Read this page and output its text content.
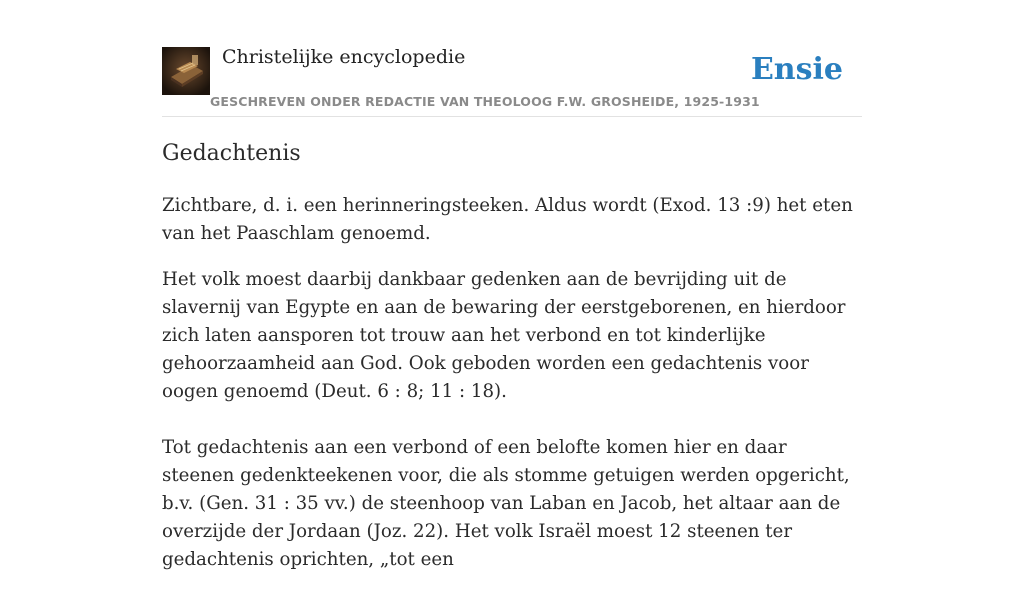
Christelijke encyclopedie
GESCHREVEN ONDER REDACTIE VAN THEOLOOG F.W. GROSHEIDE, 1925-1931
Ensie
Gedachtenis

Zichtbare, d. i. een herinneringsteeken. Aldus wordt (Exod. 13 :9) het eten van het Paaschlam genoemd.

Het volk moest daarbij dankbaar gedenken aan de bevrijding uit de slavernij van Egypte en aan de bewaring der eerstgeborenen, en hierdoor zich laten aansporen tot trouw aan het verbond en tot kinderlijke gehoorzaamheid aan God. Ook geboden worden een gedachtenis voor oogen genoemd (Deut. 6 : 8; 11 : 18).

Tot gedachtenis aan een verbond of een belofte komen hier en daar steenen gedenkteekenen voor, die als stomme getuigen werden opgericht, b.v. (Gen. 31 : 35 vv.) de steenhoop van Laban en Jacob, het altaar aan de overzijde der Jordaan (Joz. 22). Het volk Israël moest 12 steenen ter gedachtenis oprichten, „tot een
